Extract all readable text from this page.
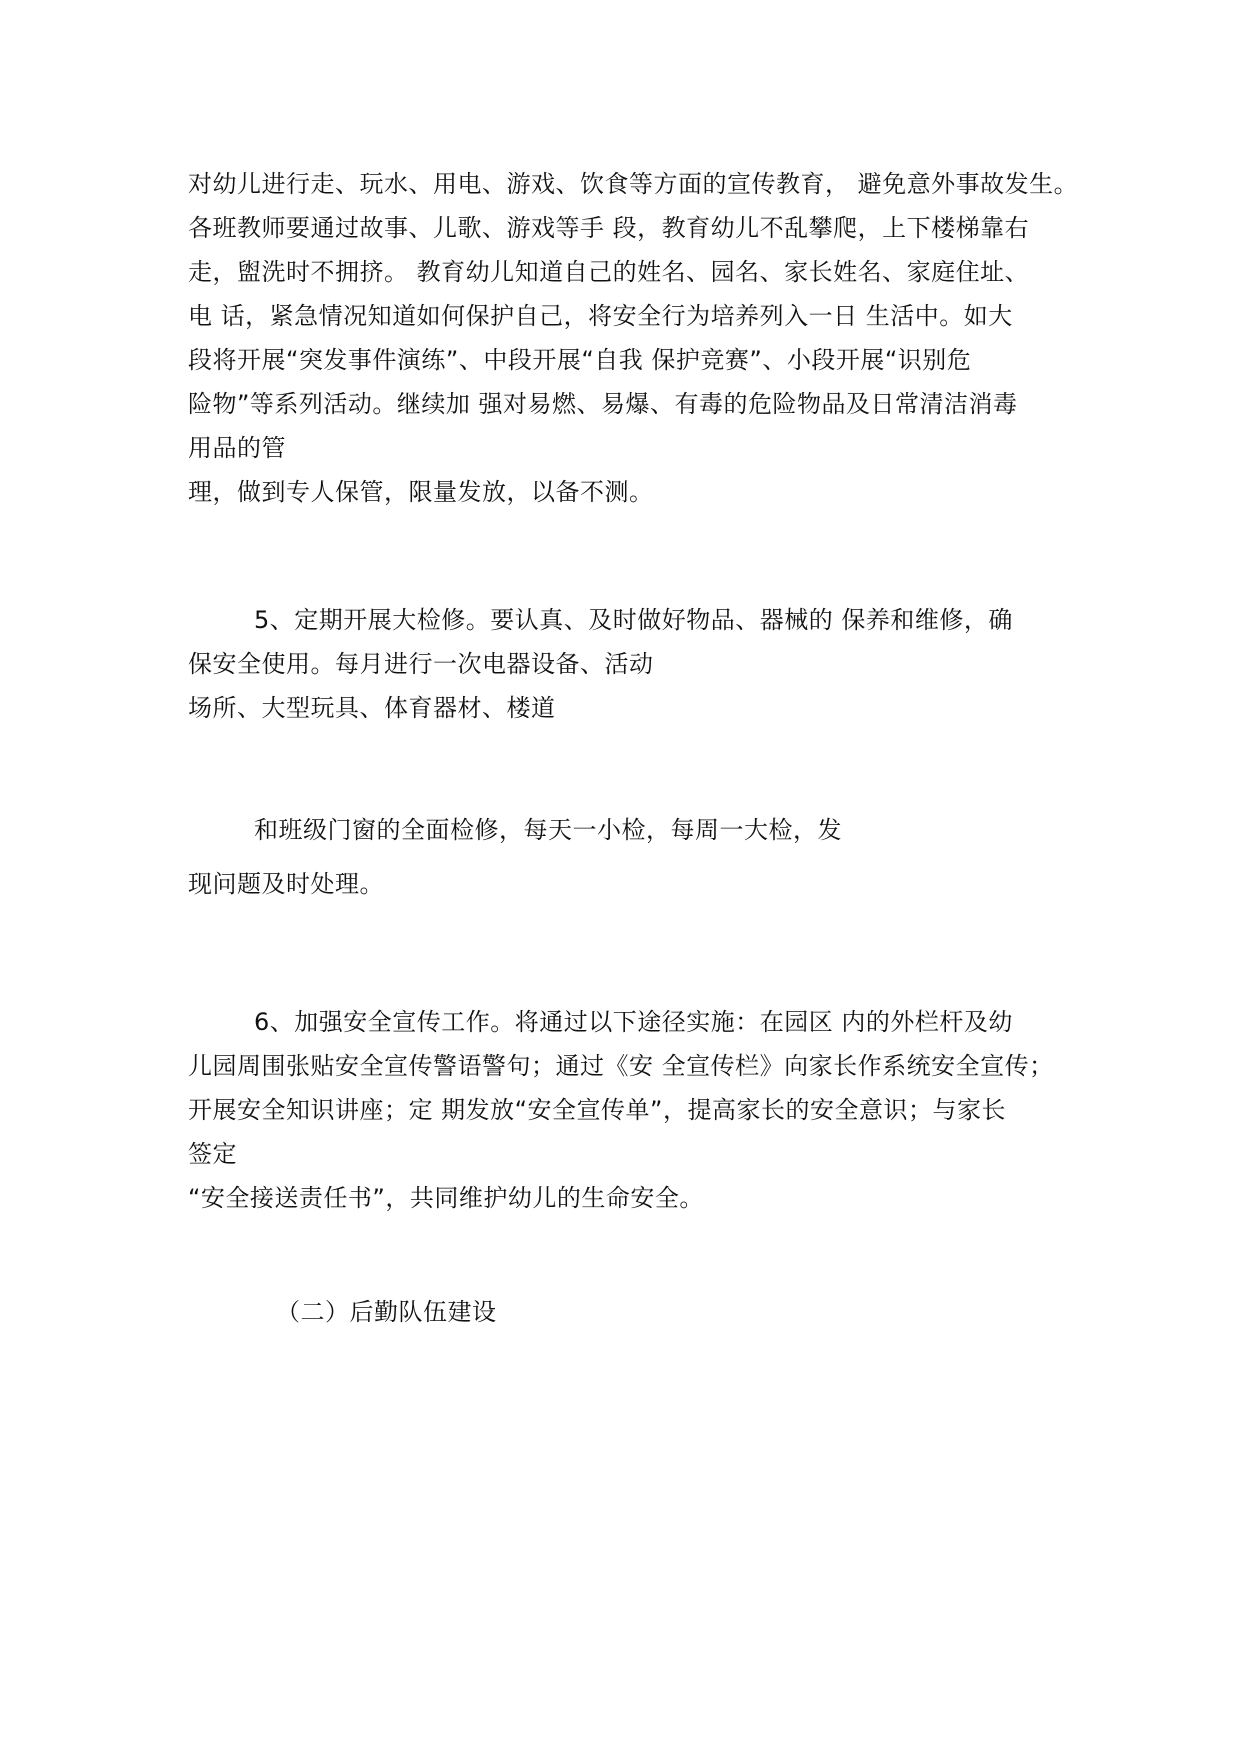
对幼儿进行走、玩水、用电、游戏、饮食等方面的宣传教育， 避免意外事故发生。
各班教师要通过故事、儿歌、游戏等手 段，教育幼儿不乱攀爬，上下楼梯靠右
走，盥洗时不拥挤。 教育幼儿知道自己的姓名、园名、家长姓名、家庭住址、
电 话，紧急情况知道如何保护自己，将安全行为培养列入一日 生活中。如大
段将开展“突发事件演练”、中段开展“自我 保护竞赛”、小段开展“识别危
险物”等系列活动。继续加 强对易燃、易爆、有毒的危险物品及日常清洁消毒
用品的管
理，做到专人保管，限量发放，以备不测。
5、定期开展大检修。要认真、及时做好物品、器械的 保养和维修，确
保安全使用。每月进行一次电器设备、活动
场所、大型玩具、体育器材、楼道
和班级门窗的全面检修，每天一小检，每周一大检，发
现问题及时处理。
6、加强安全宣传工作。将通过以下途径实施：在园区 内的外栏杆及幼
儿园周围张贴安全宣传警语警句；通过《安 全宣传栏》向家长作系统安全宣传；
开展安全知识讲座；定 期发放“安全宣传单”，提高家长的安全意识；与家长
签定
“安全接送责任书”，共同维护幼儿的生命安全。
（二）后勤队伍建设
